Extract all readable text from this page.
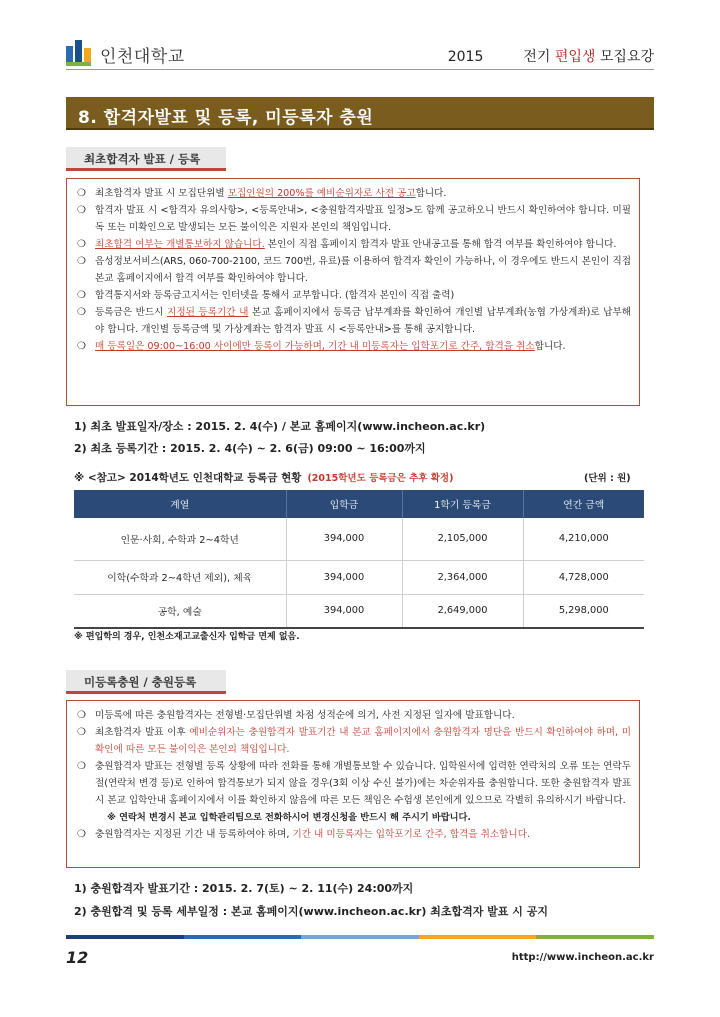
인천대학교	2015	전기 편입생 모집요강
8. 합격자발표 및 등록, 미등록자 충원
최초합격자 발표 / 등록
❍ 최초합격자 발표 시 모집단위별 모집인원의 200%를 예비순위자로 사전 공고합니다.
❍ 합격자 발표 시 <합격자 유의사항>, <등록안내>, <충원합격자발표 일정>도 함께 공고하오니 반드시 확인하여야 합니다. 미필독 또는 미확인으로 발생되는 모든 불이익은 지원자 본인의 책임입니다.
❍ 최초합격 여부는 개별통보하지 않습니다. 본인이 직접 홈페이지 합격자 발표 안내공고를 통해 합격 여부를 확인하여야 합니다.
❍ 음성정보서비스(ARS, 060-700-2100, 코드 700번, 유료)를 이용하여 합격자 확인이 가능하나, 이 경우에도 반드시 본인이 직접 본교 홈페이지에서 합격 여부를 확인하여야 합니다.
❍ 합격통지서와 등록금고지서는 인터넷을 통해서 교부합니다. (합격자 본인이 직접 출력)
❍ 등록금은 반드시 지정된 등록기간 내 본교 홈페이지에서 등록금 납부계좌를 확인하여 개인별 납부계좌(농협 가상계좌)로 납부해야 합니다. 개인별 등록금액 및 가상계좌는 합격자 발표 시 <등록안내>를 통해 공지합니다.
❍ 매 등록일은 09:00~16:00 사이에만 등록이 가능하며, 기간 내 미등록자는 입학포기로 간주, 합격을 취소합니다.
1) 최초 발표일자/장소 : 2015. 2. 4(수) / 본교 홈페이지(www.incheon.ac.kr)
2) 최초 등록기간 : 2015. 2. 4(수) ~ 2. 6(금) 09:00 ~ 16:00까지
※ <참고> 2014학년도 인천대학교 등록금 현황 (2015학년도 등록금은 추후 확정)	(단위 : 원)
계열	입학금	1학기 등록금	연간 금액
인문·사회, 수학과 2~4학년	394,000	2,105,000	4,210,000
이학(수학과 2~4학년 제외), 체육	394,000	2,364,000	4,728,000
공학, 예술	394,000	2,649,000	5,298,000
※ 편입학의 경우, 인천소재고교출신자 입학금 면제 없음.
미등록충원 / 충원등록
❍ 미등록에 따른 충원합격자는 전형별·모집단위별 차점 성적순에 의거, 사전 지정된 일자에 발표합니다.
❍ 최초합격자 발표 이후 예비순위자는 충원합격자 발표기간 내 본교 홈페이지에서 충원합격자 명단을 반드시 확인하여야 하며, 미확인에 따른 모든 불이익은 본인의 책임입니다.
❍ 충원합격자 발표는 전형별 등록 상황에 따라 전화를 통해 개별통보할 수 있습니다. 입학원서에 입력한 연락처의 오류 또는 연락두절(연락처 변경 등)로 인하여 합격통보가 되지 않을 경우(3회 이상 수신 불가)에는 차순위자를 충원합니다. 또한 충원합격자 발표 시 본교 입학안내 홈페이지에서 이를 확인하지 않음에 따른 모든 책임은 수험생 본인에게 있으므로 각별히 유의하시기 바랍니다.
※ 연락처 변경시 본교 입학관리팀으로 전화하시어 변경신청을 반드시 해 주시기 바랍니다.
❍ 충원합격자는 지정된 기간 내 등록하여야 하며, 기간 내 미등록자는 입학포기로 간주, 합격을 취소합니다.
1) 충원합격자 발표기간 : 2015. 2. 7(토) ~ 2. 11(수) 24:00까지
2) 충원합격 및 등록 세부일정 : 본교 홈페이지(www.incheon.ac.kr) 최초합격자 발표 시 공지
12	http://www.incheon.ac.kr
